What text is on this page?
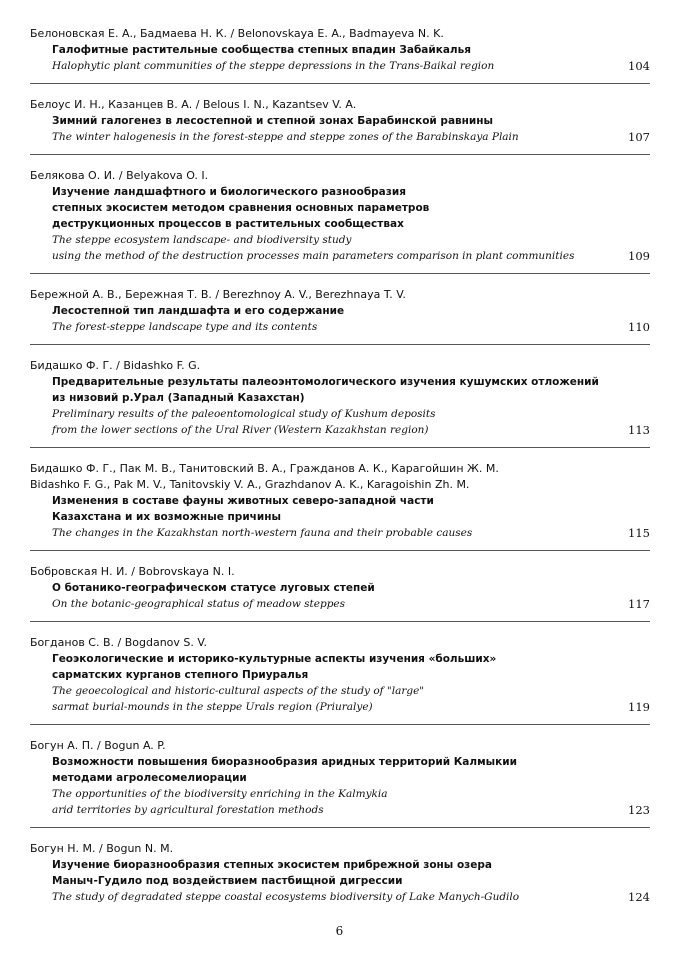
Белоновская Е. А., Бадмаева Н. К. / Belonovskaya E. A., Badmayeva N. K.
Галофитные растительные сообщества степных впадин Забайкалья
Halophytic plant communities of the steppe depressions in the Trans-Baikal region	104
Белоус И. Н., Казанцев В. А. / Belous I. N., Kazantsev V. A.
Зимний галогенез в лесостепной и степной зонах Барабинской равнины
The winter halogenesis in the forest-steppe and steppe zones of the Barabinskaya Plain	107
Белякова О. И. / Belyakova O. I.
Изучение ландшафтного и биологического разнообразия
степных экосистем методом сравнения основных параметров
деструкционных процессов в растительных сообществах
The steppe ecosystem landscape- and biodiversity study
using the method of the destruction processes main parameters comparison in plant communities	109
Бережной А. В., Бережная Т. В. / Berezhnoy A. V., Berezhnaya T. V.
Лесостепной тип ландшафта и его содержание
The forest-steppe landscape type and its contents	110
Бидашко Ф. Г. / Bidashko F. G.
Предварительные результаты палеоэнтомологического изучения кушумских отложений
из низовий р.Урал (Западный Казахстан)
Preliminary results of the paleoentomological study of Kushum deposits
from the lower sections of the Ural River (Western Kazakhstan region)	113
Бидашко Ф. Г., Пак М. В., Танитовский В. А., Гражданов А. К., Карагойшин Ж. М.
Bidashko F. G., Pak M. V., Tanitovskiy V. A., Grazhdanov A. K., Karagoishin Zh. M.
Изменения в составе фауны животных северо-западной части
Казахстана и их возможные причины
The changes in the Kazakhstan north-western fauna and their probable causes	115
Бобровская Н. И. / Bobrovskaya N. I.
О ботанико-географическом статусе луговых степей
On the botanic-geographical status of meadow steppes	117
Богданов С. В. / Bogdanov S. V.
Геоэкологические и историко-культурные аспекты изучения «больших»
сарматских курганов степного Приуралья
The geoecological and historic-cultural aspects of the study of "large"
sarmat burial-mounds in the steppe Urals region (Priuralye)	119
Богун А. П. / Bogun A. P.
Возможности повышения биоразнообразия аридных территорий Калмыкии
методами агролесомелиорации
The opportunities of the biodiversity enriching in the Kalmykia
arid territories by agricultural forestation methods	123
Богун Н. М. / Bogun N. M.
Изучение биоразнообразия степных экосистем прибрежной зоны озера
Маныч-Гудило под воздействием пастбищной дигрессии
The study of degradated steppe coastal ecosystems biodiversity of Lake Manych-Gudilo	124
6
